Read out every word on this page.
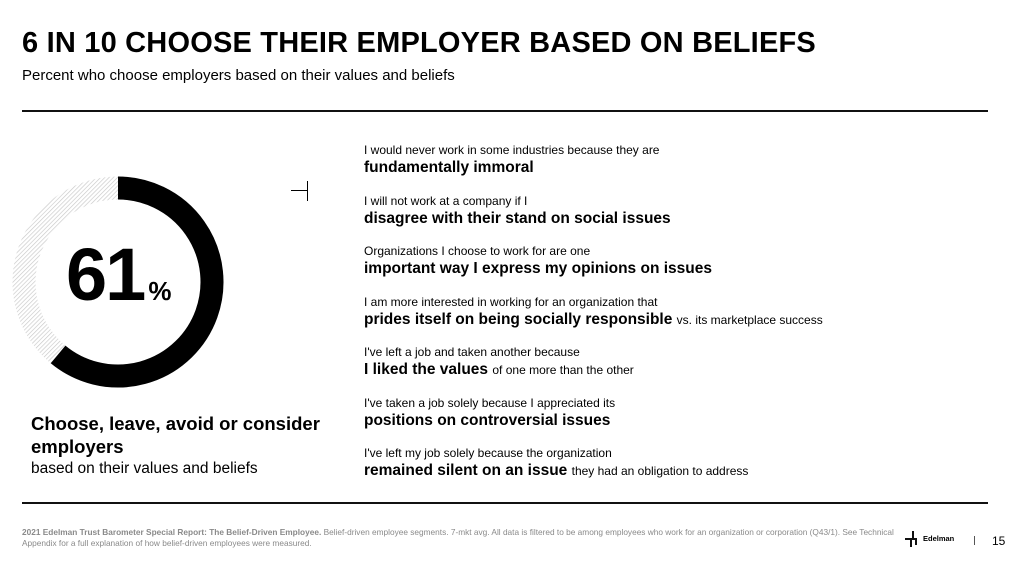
6 IN 10 CHOOSE THEIR EMPLOYER BASED ON BELIEFS
Percent who choose employers based on their values and beliefs
61 %
Choose, leave, avoid or consider employers
based on their values and beliefs
I would never work in some industries because they are
fundamentally immoral
I will not work at a company if I
disagree with their stand on social issues
Organizations I choose to work for are one
important way I express my opinions on issues
I am more interested in working for an organization that
prides itself on being socially responsible vs. its marketplace success
I've left a job and taken another because
I liked the values of one more than the other
I've taken a job solely because I appreciated its
positions on controversial issues
I've left my job solely because the organization
remained silent on an issue they had an obligation to address
2021 Edelman Trust Barometer Special Report: The Belief-Driven Employee. Belief-driven employee segments. 7-mkt avg. All data is filtered to be among employees who work for an organization or corporation (Q43/1). See Technical Appendix for a full explanation of how belief-driven employees were measured.	Edelman	15
